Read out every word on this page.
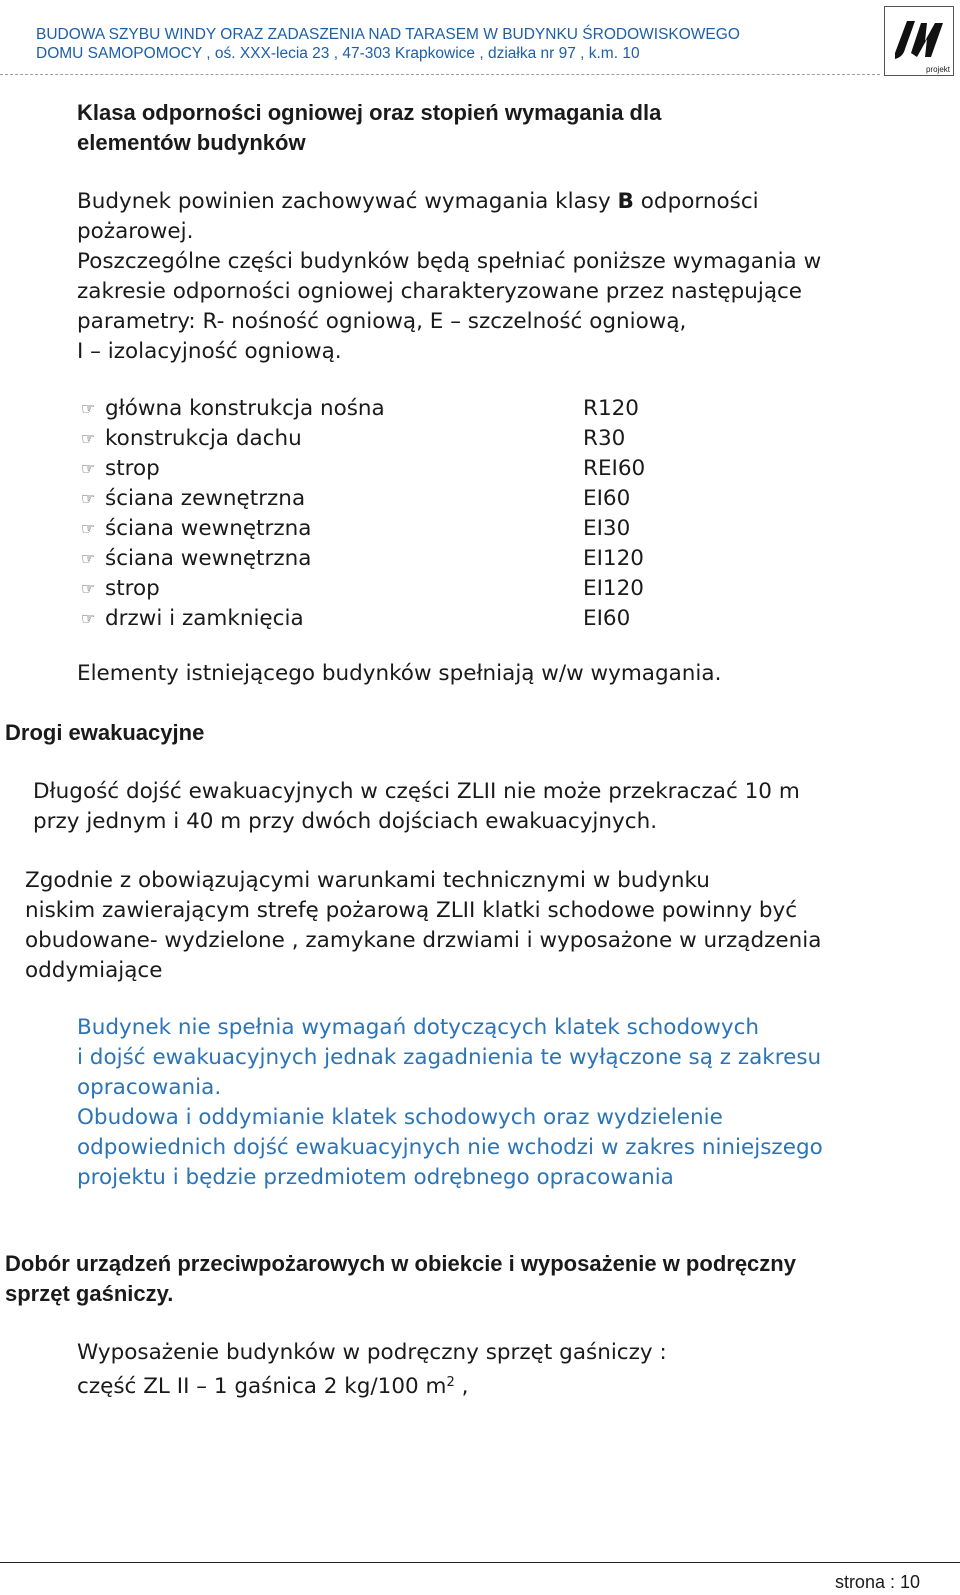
BUDOWA SZYBU WINDY ORAZ ZADASZENIA NAD TARASEM W BUDYNKU ŚRODOWISKOWEGO
DOMU SAMOPOMOCY , oś. XXX-lecia 23 , 47-303 Krapkowice , działka nr 97 , k.m. 10
projekt
Klasa odporności ogniowej oraz stopień wymagania dla
elementów budynków
Budynek powinien zachowywać wymagania klasy B odporności
pożarowej.
Poszczególne części budynków będą spełniać poniższe wymagania w
zakresie odporności ogniowej charakteryzowane przez następujące
parametry: R- nośność ogniową, E – szczelność ogniową,
I – izolacyjność ogniową.
☞ główna konstrukcja nośna	R120
☞ konstrukcja dachu	R30
☞ strop	REI60
☞ ściana zewnętrzna	EI60
☞ ściana wewnętrzna	EI30
☞ ściana wewnętrzna	EI120
☞ strop	EI120
☞ drzwi i zamknięcia	EI60
Elementy istniejącego budynków spełniają w/w wymagania.
Drogi ewakuacyjne
Długość dojść ewakuacyjnych w części ZLII nie może przekraczać 10 m
przy jednym i 40 m przy dwóch dojściach ewakuacyjnych.
Zgodnie z obowiązującymi warunkami technicznymi w budynku
niskim zawierającym strefę pożarową ZLII klatki schodowe powinny być
obudowane- wydzielone , zamykane drzwiami i wyposażone w urządzenia
oddymiające
Budynek nie spełnia wymagań dotyczących klatek schodowych
i dojść ewakuacyjnych jednak zagadnienia te wyłączone są z zakresu
opracowania.
Obudowa i oddymianie klatek schodowych oraz wydzielenie
odpowiednich dojść ewakuacyjnych nie wchodzi w zakres niniejszego
projektu i będzie przedmiotem odrębnego opracowania
Dobór urządzeń przeciwpożarowych w obiekcie i wyposażenie w podręczny
sprzęt gaśniczy.
Wyposażenie budynków w podręczny sprzęt gaśniczy :
część ZL II – 1 gaśnica 2 kg/100 $m^2$ ,
strona : 10
